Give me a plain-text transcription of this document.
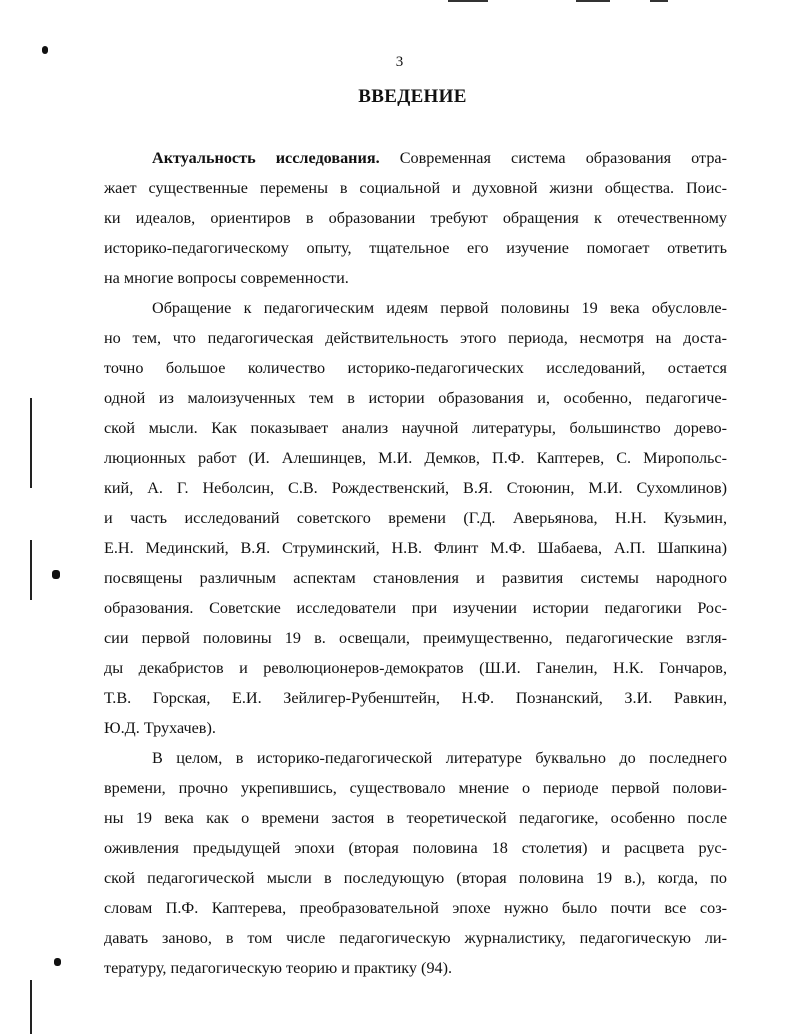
3
ВВЕДЕНИЕ
Актуальность исследования. Современная система образования отра-
жает существенные перемены в социальной и духовной жизни общества. Поис-
ки идеалов, ориентиров в образовании требуют обращения к отечественному
историко-педагогическому опыту, тщательное его изучение помогает ответить
на многие вопросы современности.
Обращение к педагогическим идеям первой половины 19 века обусловле-
но тем, что педагогическая действительность этого периода, несмотря на доста-
точно большое количество историко-педагогических исследований, остается
одной из малоизученных тем в истории образования и, особенно, педагогиче-
ской мысли. Как показывает анализ научной литературы, большинство дорево-
люционных работ (И. Алешинцев, М.И. Демков, П.Ф. Каптерев, С. Миропольс-
кий, А. Г. Неболсин, С.В. Рождественский, В.Я. Стоюнин, М.И. Сухомлинов)
и часть исследований советского времени (Г.Д. Аверьянова, Н.Н. Кузьмин,
Е.Н. Мединский, В.Я. Струминский, Н.В. Флинт М.Ф. Шабаева, А.П. Шапкина)
посвящены различным аспектам становления и развития системы народного
образования. Советские исследователи при изучении истории педагогики Рос-
сии первой половины 19 в. освещали, преимущественно, педагогические взгля-
ды декабристов и революционеров-демократов (Ш.И. Ганелин, Н.К. Гончаров,
Т.В. Горская, Е.И. Зейлигер-Рубенштейн, Н.Ф. Познанский, З.И. Равкин,
Ю.Д. Трухачев).
В целом, в историко-педагогической литературе буквально до последнего
времени, прочно укрепившись, существовало мнение о периоде первой полови-
ны 19 века как о времени застоя в теоретической педагогике, особенно после
оживления предыдущей эпохи (вторая половина 18 столетия) и расцвета рус-
ской педагогической мысли в последующую (вторая половина 19 в.), когда, по
словам П.Ф. Каптерева, преобразовательной эпохе нужно было почти все соз-
давать заново, в том числе педагогическую журналистику, педагогическую ли-
тературу, педагогическую теорию и практику (94).
